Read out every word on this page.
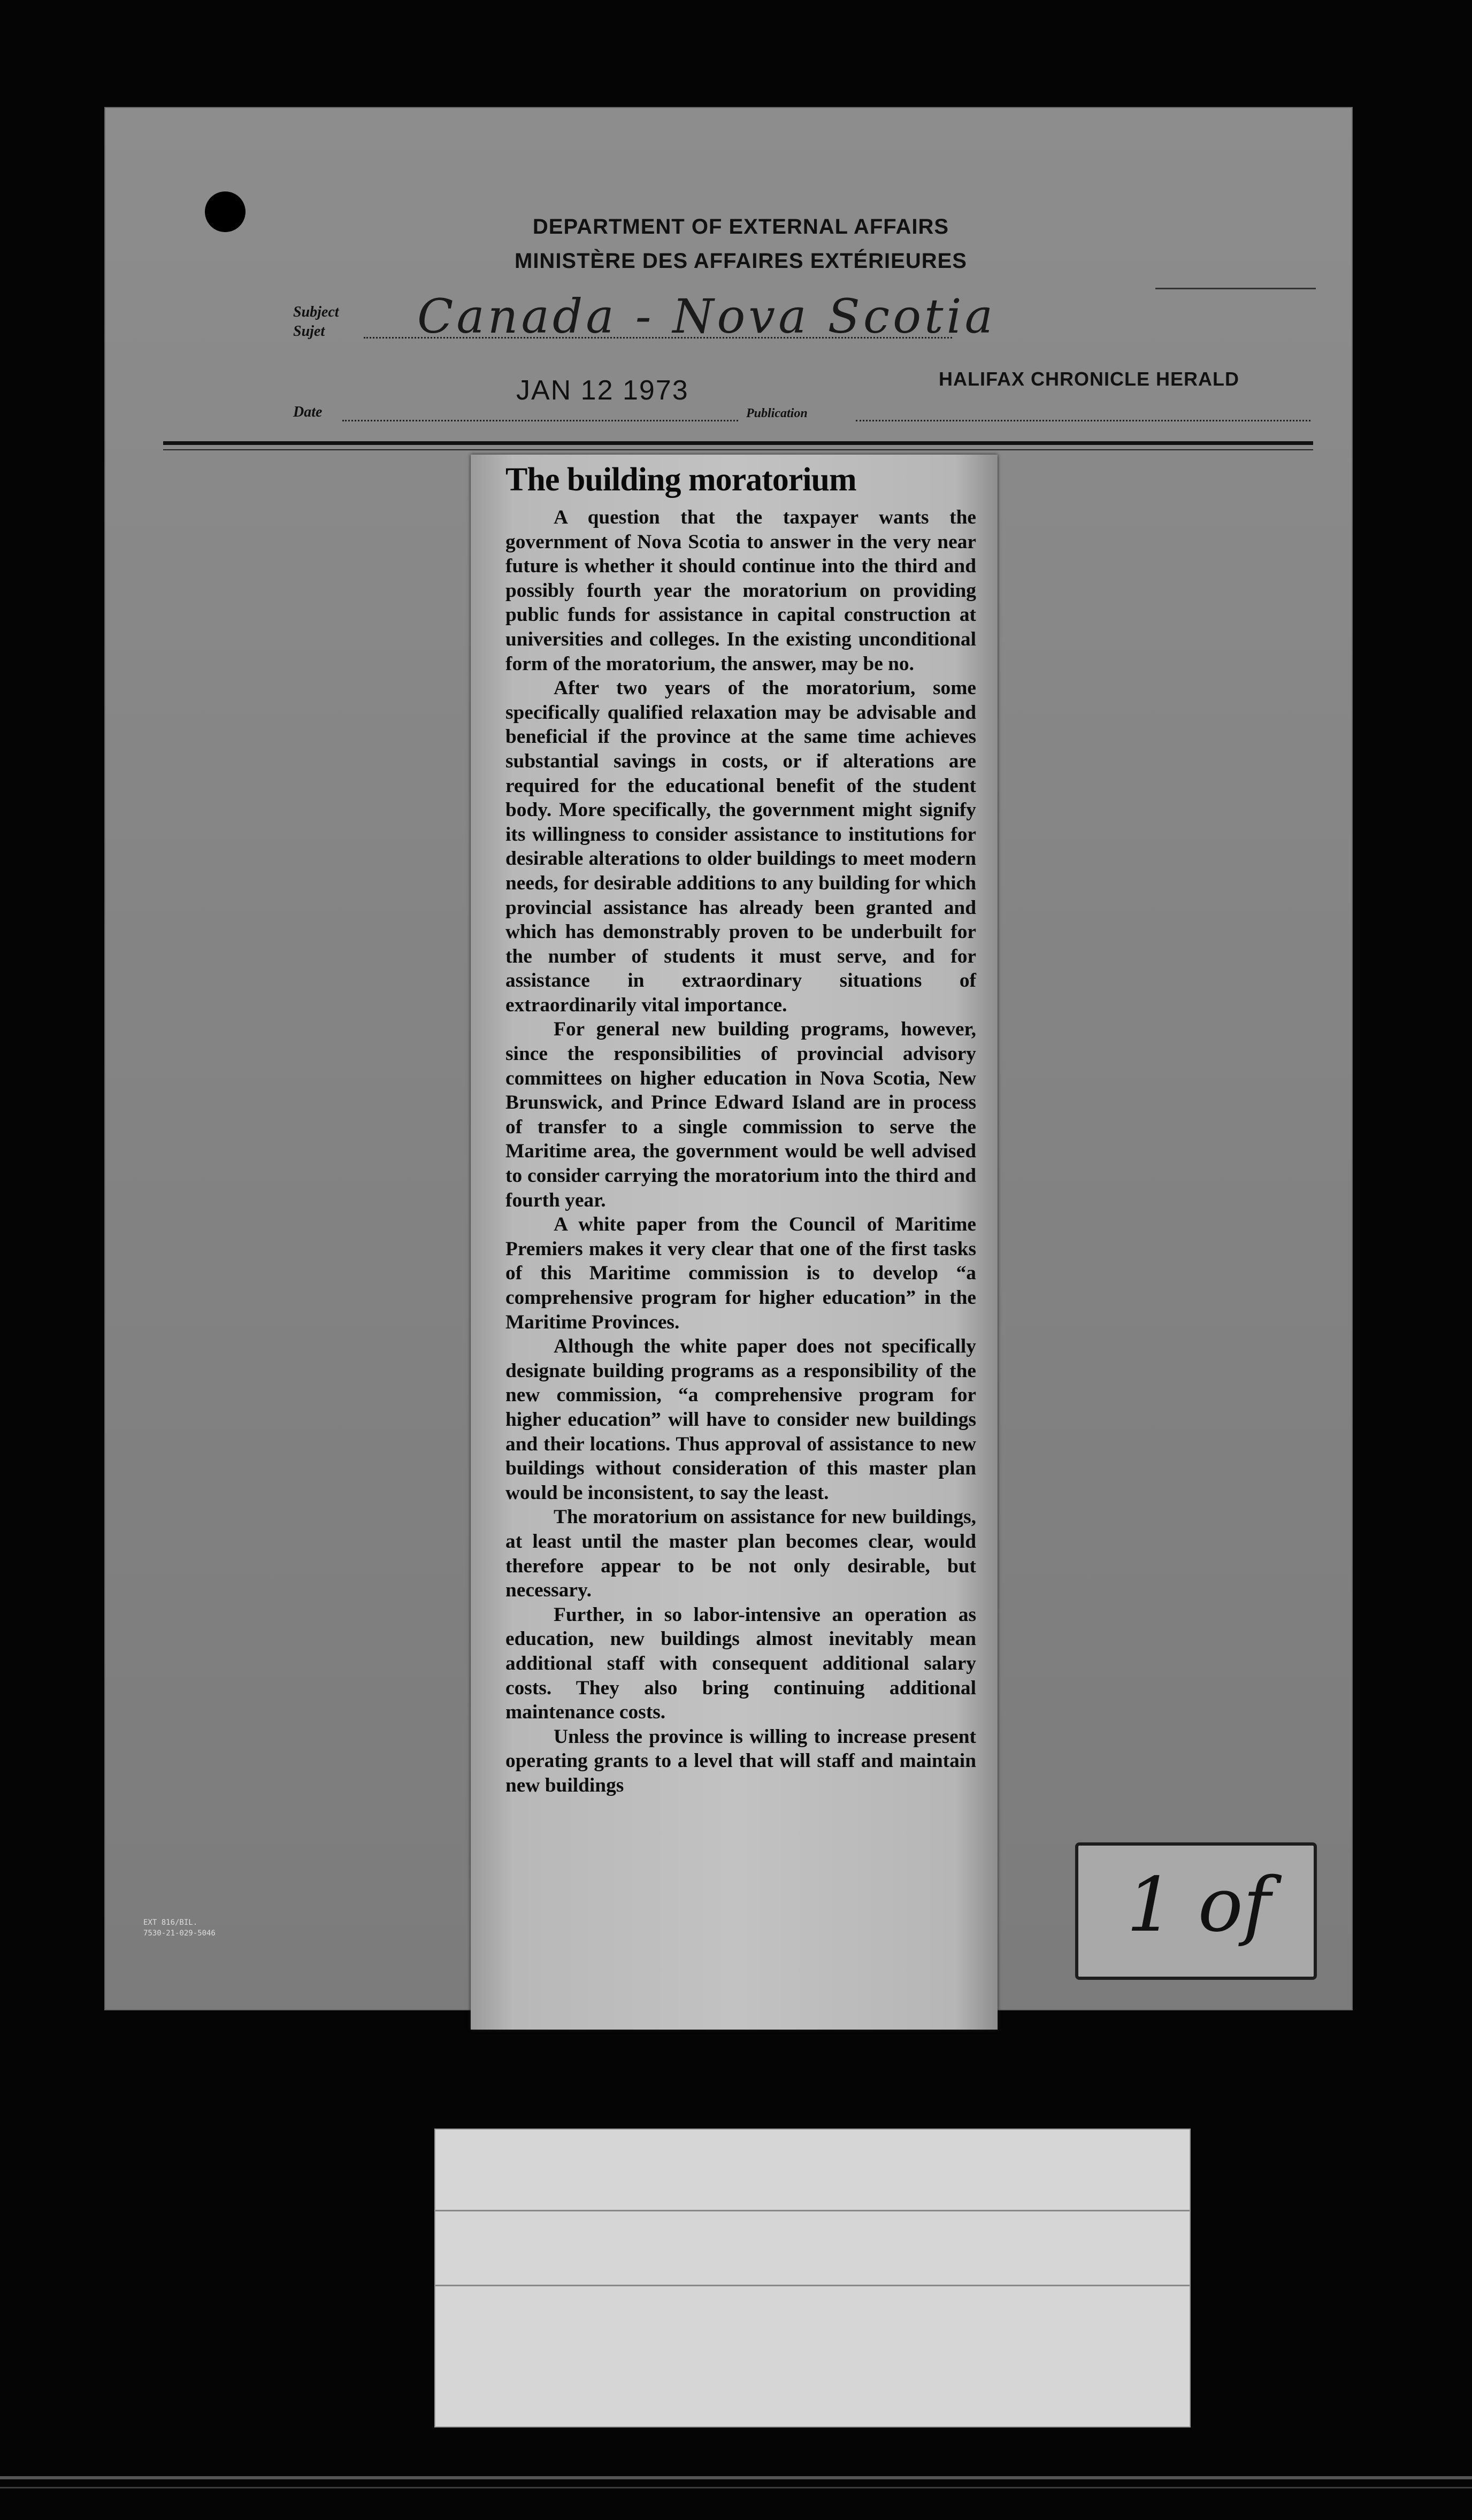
DEPARTMENT OF EXTERNAL AFFAIRS
MINISTÈRE DES AFFAIRES EXTÉRIEURES
Subject
Sujet Canada - Nova Scotia
Date
JAN 12 1973
Publication
HALIFAX CHRONICLE HERALD
The building moratorium

A question that the taxpayer wants the government of Nova Scotia to answer in the very near future is whether it should continue into the third and possibly fourth year the moratorium on providing public funds for assistance in capital construction at universities and colleges. In the existing unconditional form of the moratorium, the answer, may be no.

After two years of the moratorium, some specifically qualified relaxation may be advisable and beneficial if the province at the same time achieves substantial savings in costs, or if alterations are required for the educational benefit of the student body. More specifically, the government might signify its willingness to consider assistance to institutions for desirable alterations to older buildings to meet modern needs, for desirable additions to any building for which provincial assistance has already been granted and which has demonstrably proven to be underbuilt for the number of students it must serve, and for assistance in extraordinary situations of extraordinarily vital importance.

For general new building programs, however, since the responsibilities of provincial advisory committees on higher education in Nova Scotia, New Brunswick, and Prince Edward Island are in process of transfer to a single commission to serve the Maritime area, the government would be well advised to consider carrying the moratorium into the third and fourth year.

A white paper from the Council of Maritime Premiers makes it very clear that one of the first tasks of this Maritime commission is to develop “a comprehensive program for higher education” in the Maritime Provinces.

Although the white paper does not specifically designate building programs as a responsibility of the new commission, “a comprehensive program for higher education” will have to consider new buildings and their locations. Thus approval of assistance to new buildings without consideration of this master plan would be inconsistent, to say the least.

The moratorium on assistance for new buildings, at least until the master plan becomes clear, would therefore appear to be not only desirable, but necessary.

Further, in so labor-intensive an operation as education, new buildings almost inevitably mean additional staff with consequent additional salary costs. They also bring continuing additional maintenance costs.

Unless the province is willing to increase present operating grants to a level that will staff and maintain new buildings

EXT 816/BIL.
7530-21-029-5046	1 of
